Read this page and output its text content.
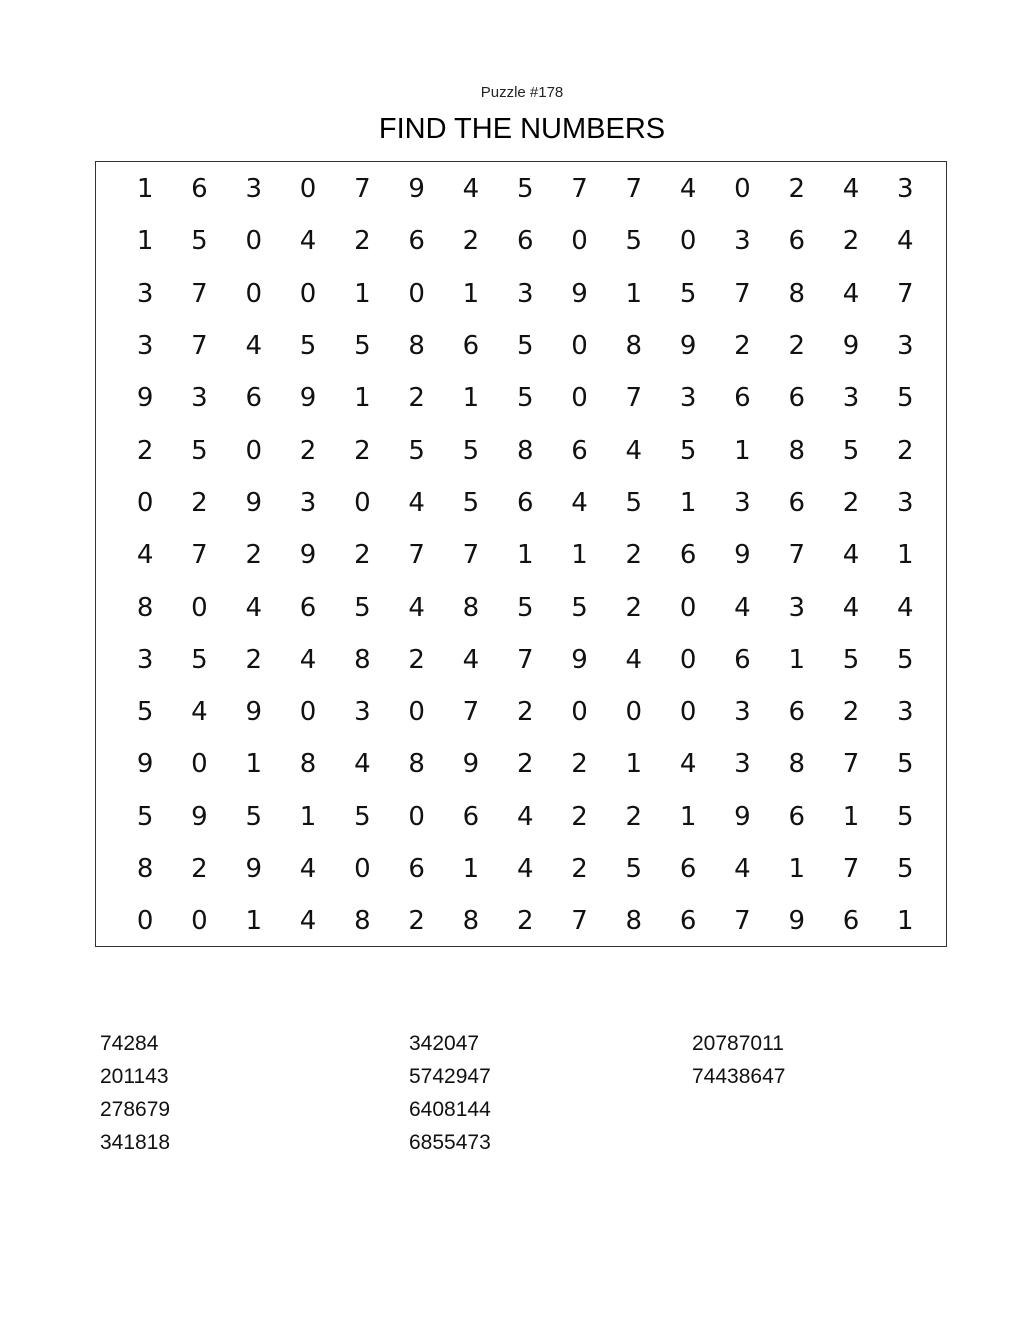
Puzzle #178
FIND THE NUMBERS
1	6	3	0	7	9	4	5	7	7	4	0	2	4	3
1	5	0	4	2	6	2	6	0	5	0	3	6	2	4
3	7	0	0	1	0	1	3	9	1	5	7	8	4	7
3	7	4	5	5	8	6	5	0	8	9	2	2	9	3
9	3	6	9	1	2	1	5	0	7	3	6	6	3	5
2	5	0	2	2	5	5	8	6	4	5	1	8	5	2
0	2	9	3	0	4	5	6	4	5	1	3	6	2	3
4	7	2	9	2	7	7	1	1	2	6	9	7	4	1
8	0	4	6	5	4	8	5	5	2	0	4	3	4	4
3	5	2	4	8	2	4	7	9	4	0	6	1	5	5
5	4	9	0	3	0	7	2	0	0	0	3	6	2	3
9	0	1	8	4	8	9	2	2	1	4	3	8	7	5
5	9	5	1	5	0	6	4	2	2	1	9	6	1	5
8	2	9	4	0	6	1	4	2	5	6	4	1	7	5
0	0	1	4	8	2	8	2	7	8	6	7	9	6	1
74284
201143
278679
341818
342047
5742947
6408144
6855473
20787011
74438647
